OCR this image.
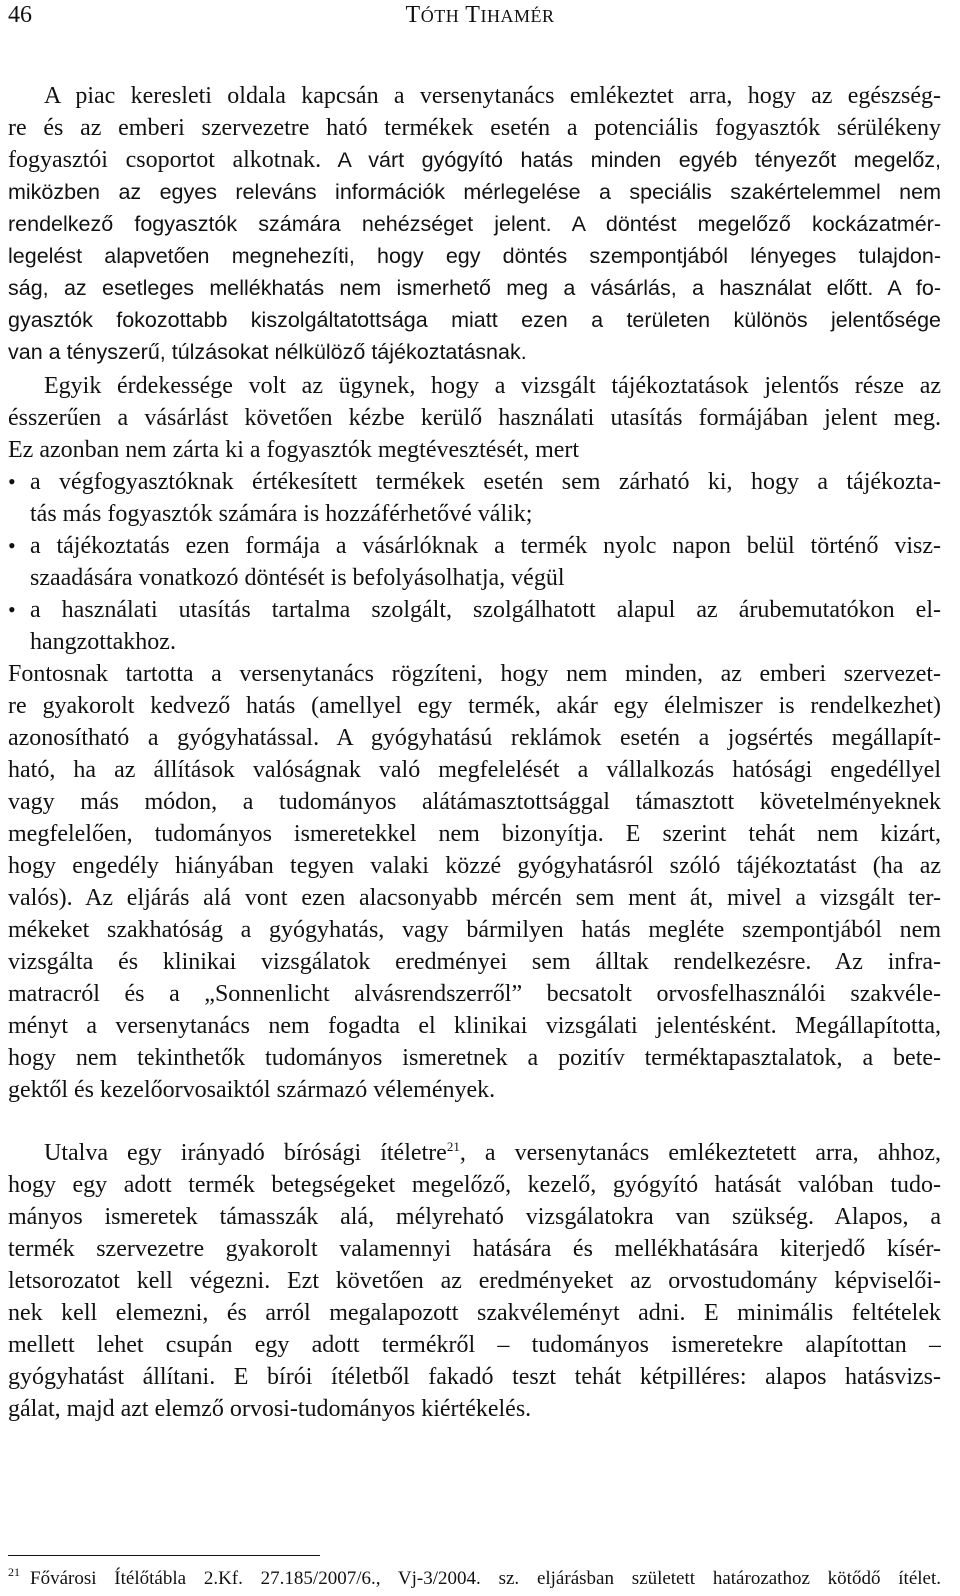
46	TÓTH TIHAMÉR
A piac keresleti oldala kapcsán a versenytanács emlékeztet arra, hogy az egészség-
re és az emberi szervezetre ható termékek esetén a potenciális fogyasztók sérülékeny
fogyasztói csoportot alkotnak. A várt gyógyító hatás minden egyéb tényezőt megelőz,
miközben az egyes releváns információk mérlegelése a speciális szakértelemmel nem
rendelkező fogyasztók számára nehézséget jelent. A döntést megelőző kockázatmér-
legelést alapvetően megnehezíti, hogy egy döntés szempontjából lényeges tulajdon-
ság, az esetleges mellékhatás nem ismerhető meg a vásárlás, a használat előtt. A fo-
gyasztók fokozottabb kiszolgáltatottsága miatt ezen a területen különös jelentősége
van a tényszerű, túlzásokat nélkülöző tájékoztatásnak.
Egyik érdekessége volt az ügynek, hogy a vizsgált tájékoztatások jelentős része az
ésszerűen a vásárlást követően kézbe kerülő használati utasítás formájában jelent meg.
Ez azonban nem zárta ki a fogyasztók megtévesztését, mert
• a végfogyasztóknak értékesített termékek esetén sem zárható ki, hogy a tájékozta-
tás más fogyasztók számára is hozzáférhetővé válik;
• a tájékoztatás ezen formája a vásárlóknak a termék nyolc napon belül történő visz-
szaadására vonatkozó döntését is befolyásolhatja, végül
• a használati utasítás tartalma szolgált, szolgálhatott alapul az árubemutatókon el-
hangzottakhoz.
Fontosnak tartotta a versenytanács rögzíteni, hogy nem minden, az emberi szervezet-
re gyakorolt kedvező hatás (amellyel egy termék, akár egy élelmiszer is rendelkezhet)
azonosítható a gyógyhatással. A gyógyhatású reklámok esetén a jogsértés megállapít-
ható, ha az állítások valóságnak való megfelelését a vállalkozás hatósági engedéllyel
vagy más módon, a tudományos alátámasztottsággal támasztott követelményeknek
megfelelően, tudományos ismeretekkel nem bizonyítja. E szerint tehát nem kizárt,
hogy engedély hiányában tegyen valaki közzé gyógyhatásról szóló tájékoztatást (ha az
valós). Az eljárás alá vont ezen alacsonyabb mércén sem ment át, mivel a vizsgált ter-
mékeket szakhatóság a gyógyhatás, vagy bármilyen hatás megléte szempontjából nem
vizsgálta és klinikai vizsgálatok eredményei sem álltak rendelkezésre. Az infra-
matracról és a „Sonnenlicht alvásrendszerről” becsatolt orvosfelhasználói szakvéle-
ményt a versenytanács nem fogadta el klinikai vizsgálati jelentésként. Megállapította,
hogy nem tekinthetők tudományos ismeretnek a pozitív terméktapasztalatok, a bete-
gektől és kezelőorvosaiktól származó vélemények.
Utalva egy irányadó bírósági ítéletre$^{21}$, a versenytanács emlékeztetett arra, ahhoz,
hogy egy adott termék betegségeket megelőző, kezelő, gyógyító hatását valóban tudo-
mányos ismeretek támasszák alá, mélyreható vizsgálatokra van szükség. Alapos, a
termék szervezetre gyakorolt valamennyi hatására és mellékhatására kiterjedő kísér-
letsorozatot kell végezni. Ezt követően az eredményeket az orvostudomány képviselői-
nek kell elemezni, és arról megalapozott szakvéleményt adni. E minimális feltételek
mellett lehet csupán egy adott termékről – tudományos ismeretekre alapítottan –
gyógyhatást állítani. E bírói ítéletből fakadó teszt tehát kétpilléres: alapos hatásvizs-
gálat, majd azt elemző orvosi-tudományos kiértékelés.
$^{21}$ Fővárosi Ítélőtábla 2.Kf. 27.185/2007/6., Vj-3/2004. sz. eljárásban született határozathoz kötődő ítélet.
